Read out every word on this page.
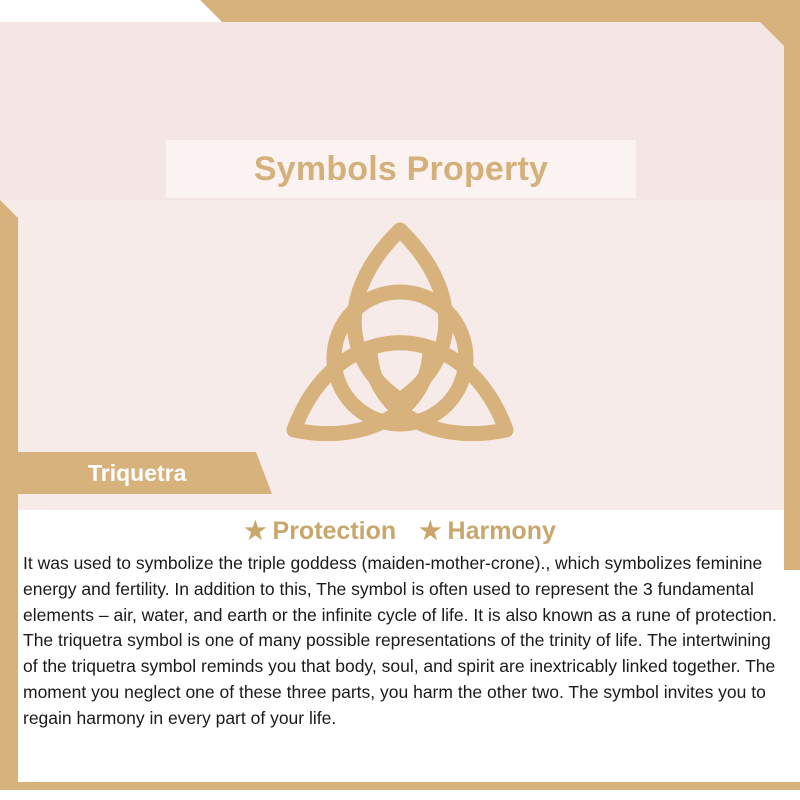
Symbols Property
Triquetra
★ Protection ★ Harmony

It was used to symbolize the triple goddess (maiden-mother-crone)., which symbolizes feminine energy and fertility. In addition to this, The symbol is often used to represent the 3 fundamental elements – air, water, and earth or the infinite cycle of life. It is also known as a rune of protection. The triquetra symbol is one of many possible representations of the trinity of life. The intertwining of the triquetra symbol reminds you that body, soul, and spirit are inextricably linked together. The moment you neglect one of these three parts, you harm the other two. The symbol invites you to regain harmony in every part of your life.
